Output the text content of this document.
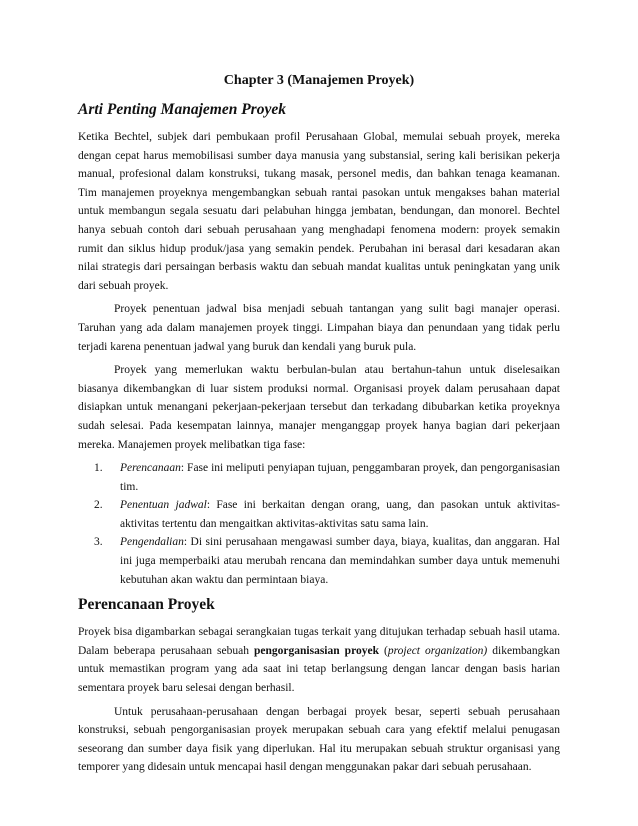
Chapter 3 (Manajemen Proyek)
Arti Penting Manajemen Proyek

Ketika Bechtel, subjek dari pembukaan profil Perusahaan Global, memulai sebuah proyek, mereka dengan cepat harus memobilisasi sumber daya manusia yang substansial, sering kali berisikan pekerja manual, profesional dalam konstruksi, tukang masak, personel medis, dan bahkan tenaga keamanan. Tim manajemen proyeknya mengembangkan sebuah rantai pasokan untuk mengakses bahan material untuk membangun segala sesuatu dari pelabuhan hingga jembatan, bendungan, dan monorel. Bechtel hanya sebuah contoh dari sebuah perusahaan yang menghadapi fenomena modern: proyek semakin rumit dan siklus hidup produk/jasa yang semakin pendek. Perubahan ini berasal dari kesadaran akan nilai strategis dari persaingan berbasis waktu dan sebuah mandat kualitas untuk peningkatan yang unik dari sebuah proyek.

Proyek penentuan jadwal bisa menjadi sebuah tantangan yang sulit bagi manajer operasi. Taruhan yang ada dalam manajemen proyek tinggi. Limpahan biaya dan penundaan yang tidak perlu terjadi karena penentuan jadwal yang buruk dan kendali yang buruk pula.

Proyek yang memerlukan waktu berbulan-bulan atau bertahun-tahun untuk diselesaikan biasanya dikembangkan di luar sistem produksi normal. Organisasi proyek dalam perusahaan dapat disiapkan untuk menangani pekerjaan-pekerjaan tersebut dan terkadang dibubarkan ketika proyeknya sudah selesai. Pada kesempatan lainnya, manajer menganggap proyek hanya bagian dari pekerjaan mereka. Manajemen proyek melibatkan tiga fase:

1. Perencanaan: Fase ini meliputi penyiapan tujuan, penggambaran proyek, dan pengorganisasian tim.
2. Penentuan jadwal: Fase ini berkaitan dengan orang, uang, dan pasokan untuk aktivitas-aktivitas tertentu dan mengaitkan aktivitas-aktivitas satu sama lain.
3. Pengendalian: Di sini perusahaan mengawasi sumber daya, biaya, kualitas, dan anggaran. Hal ini juga memperbaiki atau merubah rencana dan memindahkan sumber daya untuk memenuhi kebutuhan akan waktu dan permintaan biaya.
Perencanaan Proyek

Proyek bisa digambarkan sebagai serangkaian tugas terkait yang ditujukan terhadap sebuah hasil utama. Dalam beberapa perusahaan sebuah pengorganisasian proyek (project organization) dikembangkan untuk memastikan program yang ada saat ini tetap berlangsung dengan lancar dengan basis harian sementara proyek baru selesai dengan berhasil.

Untuk perusahaan-perusahaan dengan berbagai proyek besar, seperti sebuah perusahaan konstruksi, sebuah pengorganisasian proyek merupakan sebuah cara yang efektif melalui penugasan seseorang dan sumber daya fisik yang diperlukan. Hal itu merupakan sebuah struktur organisasi yang temporer yang didesain untuk mencapai hasil dengan menggunakan pakar dari sebuah perusahaan.
